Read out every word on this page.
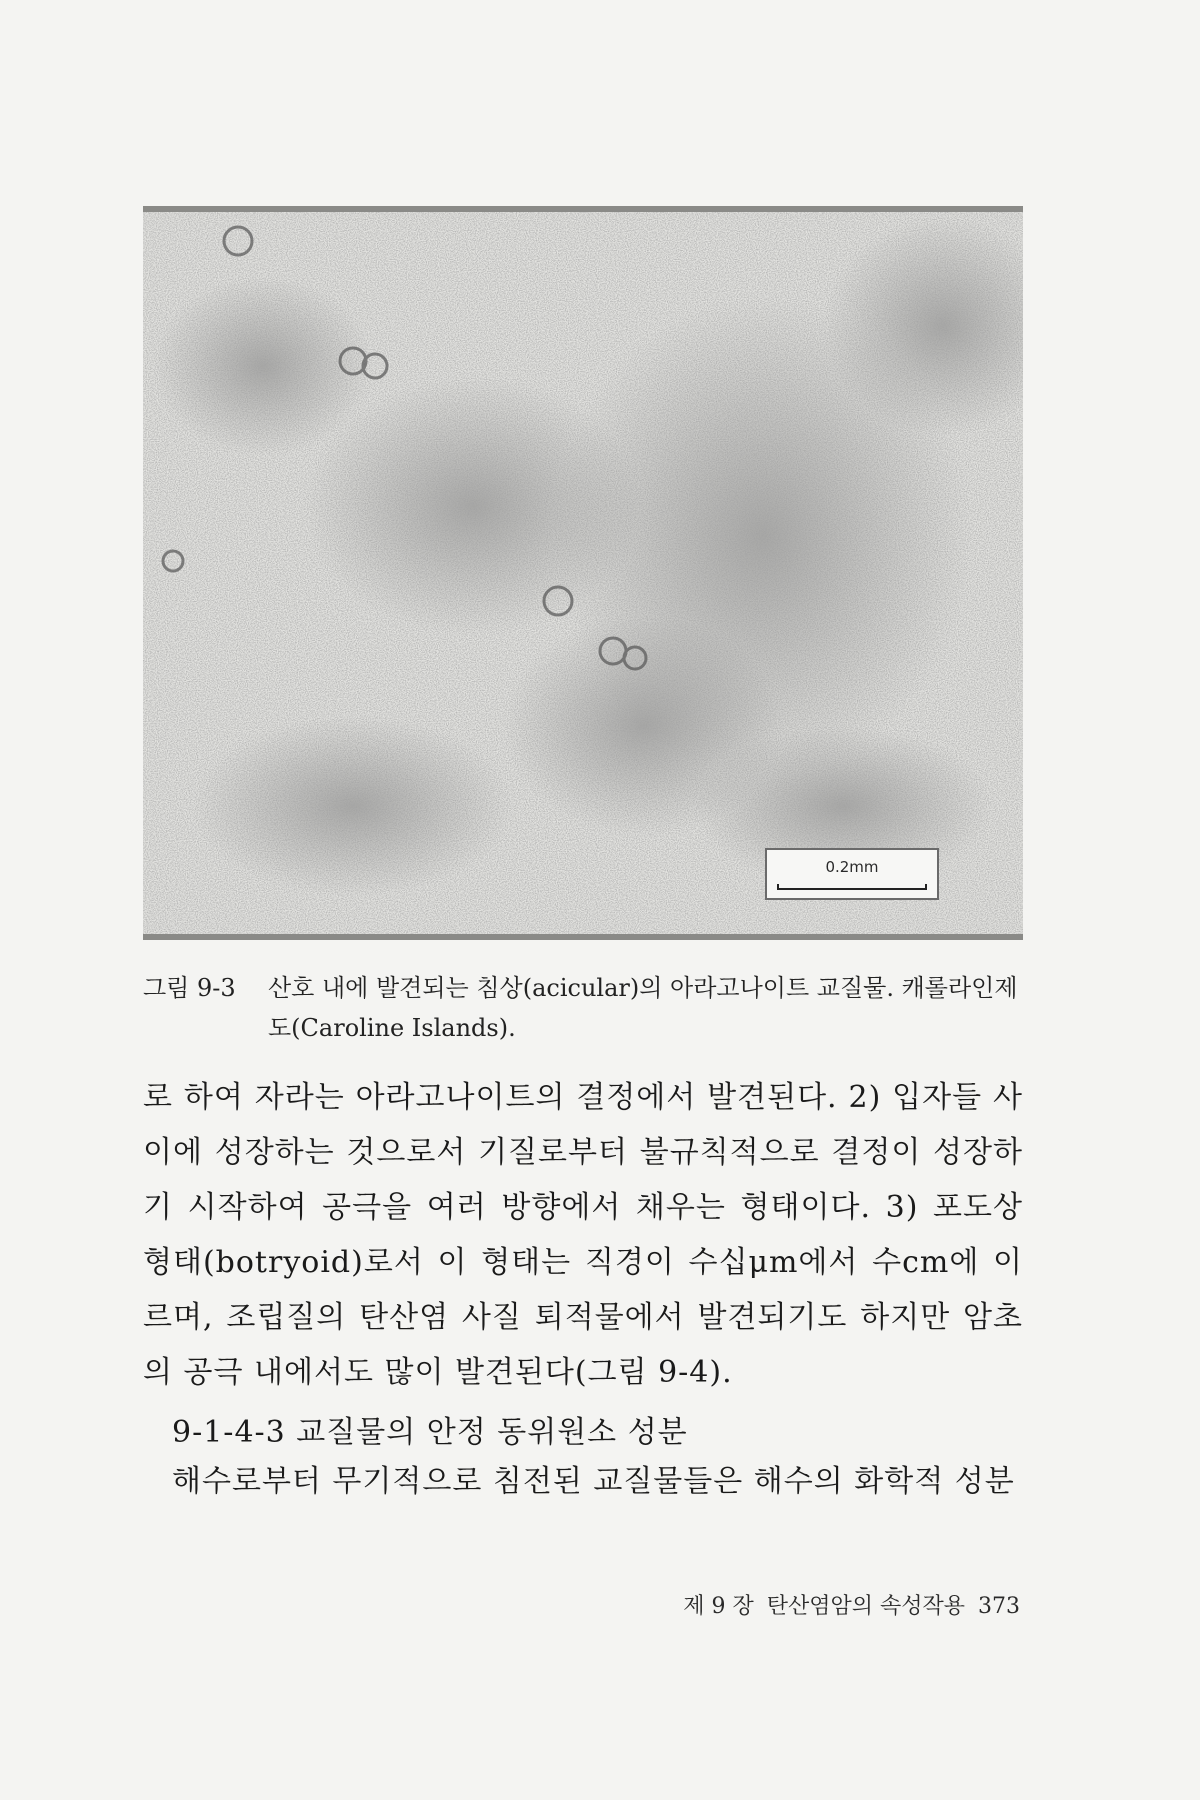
0.2mm
그림 9-3 산호 내에 발견되는 침상(acicular)의 아라고나이트 교질물. 캐롤라인제도(Caroline Islands).

로 하여 자라는 아라고나이트의 결정에서 발견된다. 2) 입자들 사이에 성장하는 것으로서 기질로부터 불규칙적으로 결정이 성장하기 시작하여 공극을 여러 방향에서 채우는 형태이다. 3) 포도상 형태(botryoid)로서 이 형태는 직경이 수십μm에서 수cm에 이르며, 조립질의 탄산염 사질 퇴적물에서 발견되기도 하지만 암초의 공극 내에서도 많이 발견된다(그림 9-4).

9-1-4-3 교질물의 안정 동위원소 성분
해수로부터 무기적으로 침전된 교질물들은 해수의 화학적 성분
제 9 장 탄산염암의 속성작용 373
